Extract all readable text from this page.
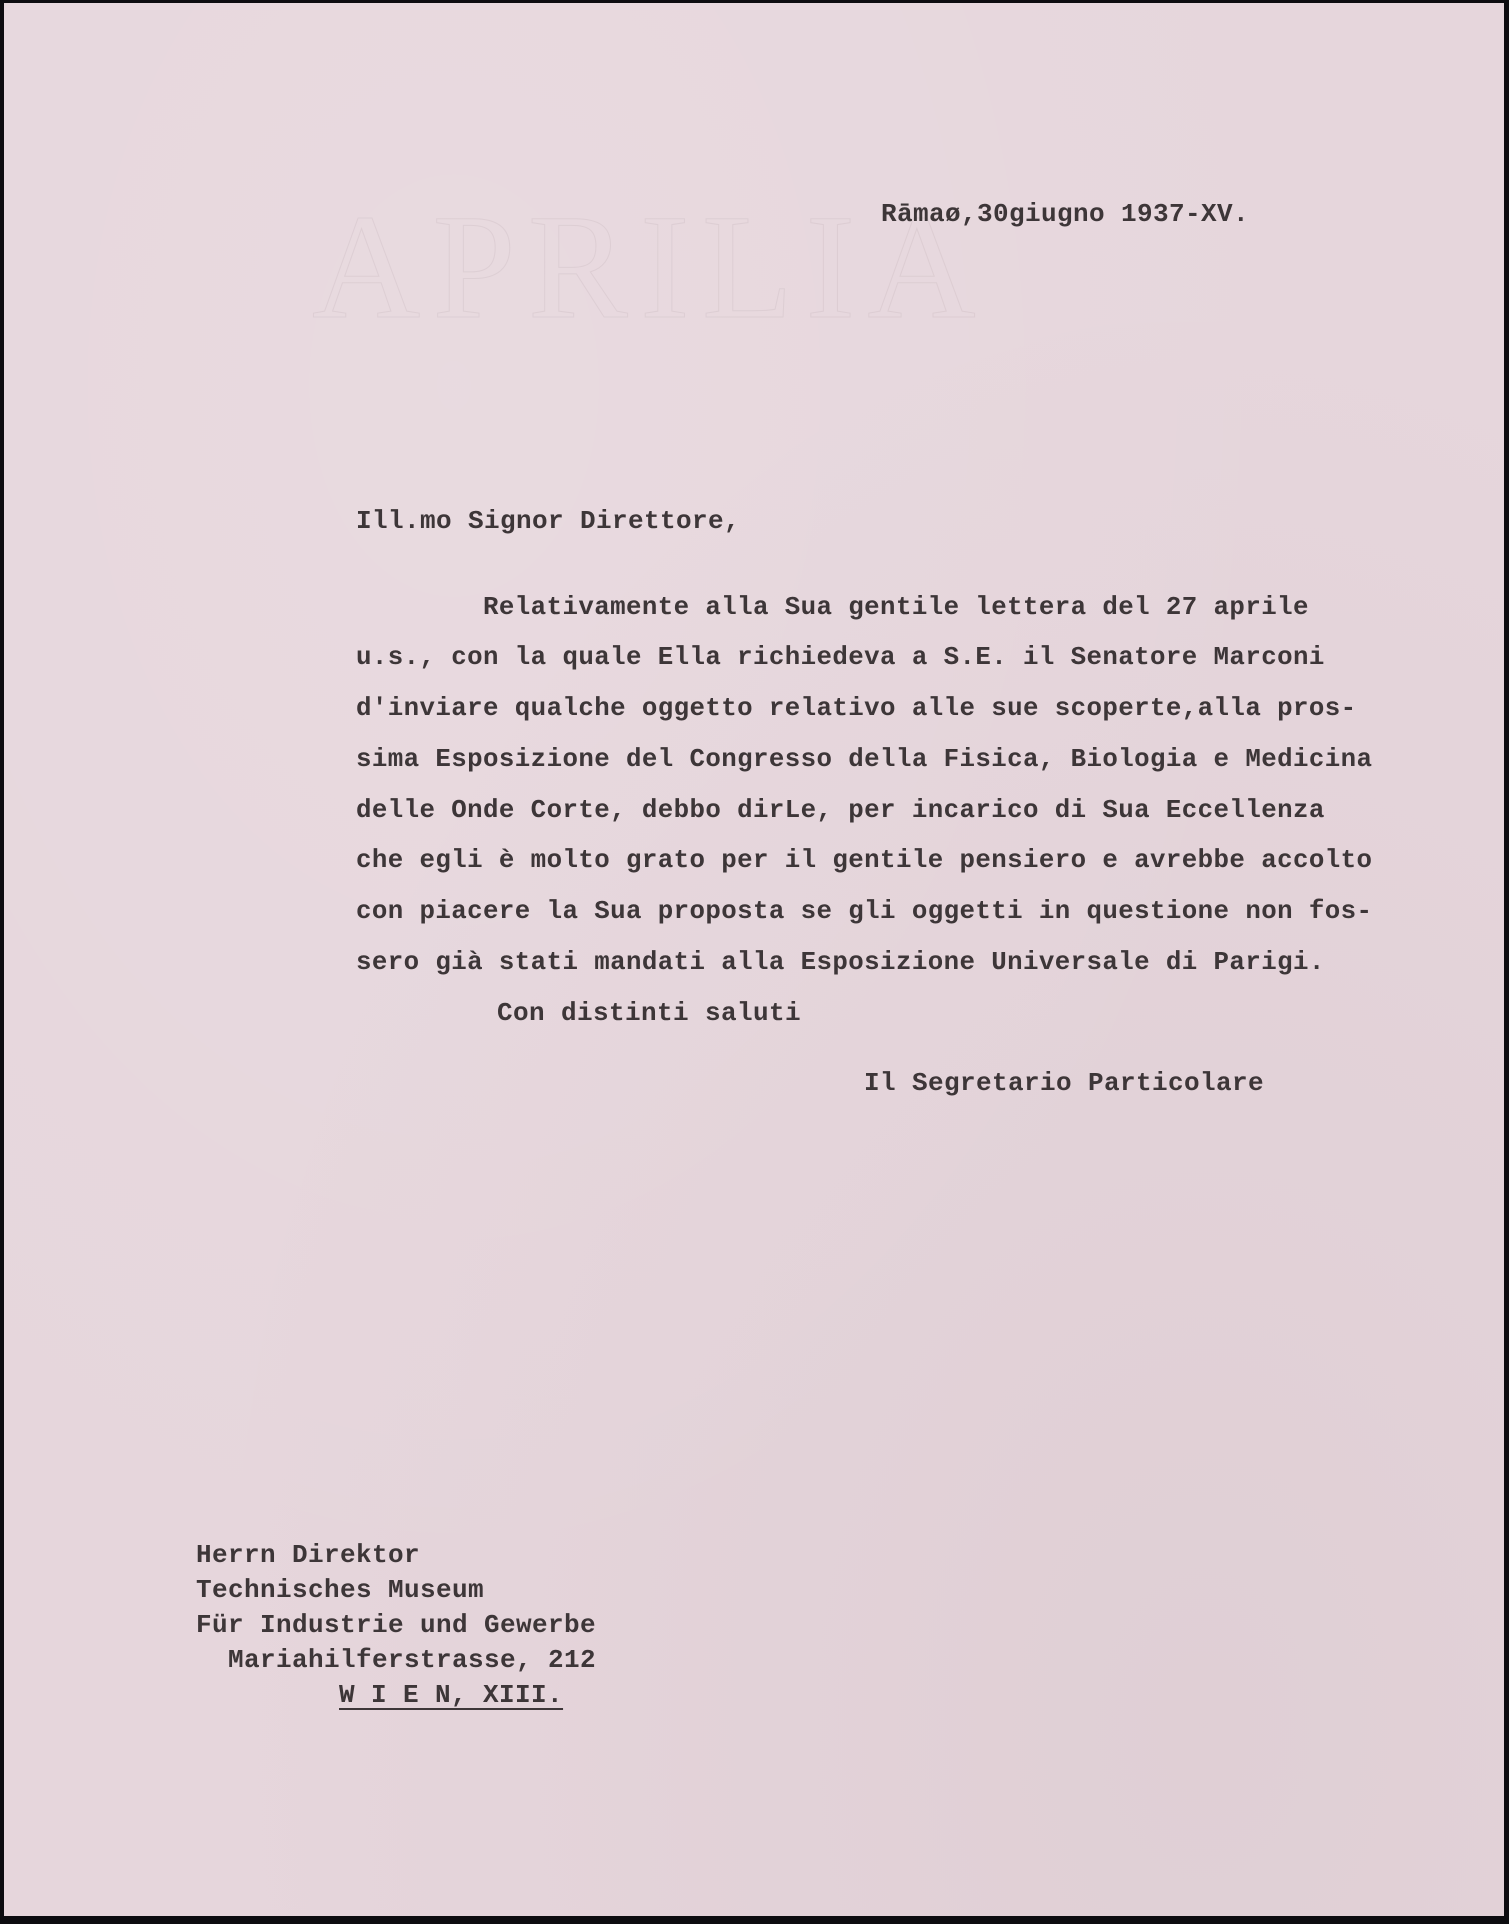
APRILIA

Rāmaø,30giugno 1937-XV.

Ill.mo Signor Direttore,

Relativamente alla Sua gentile lettera del 27 aprile

u.s., con la quale Ella richiedeva a S.E. il Senatore Marconi

d'inviare qualche oggetto relativo alle sue scoperte,alla pros-

sima Esposizione del Congresso della Fisica, Biologia e Medicina

delle Onde Corte, debbo dirLe, per incarico di Sua Eccellenza

che egli è molto grato per il gentile pensiero e avrebbe accolto

con piacere la Sua proposta se gli oggetti in questione non fos-

sero già stati mandati alla Esposizione Universale di Parigi.

Con distinti saluti

Il Segretario Particolare

Herrn Direktor

Technisches Museum

Für Industrie und Gewerbe

Mariahilferstrasse, 212

W I E N, XIII.
